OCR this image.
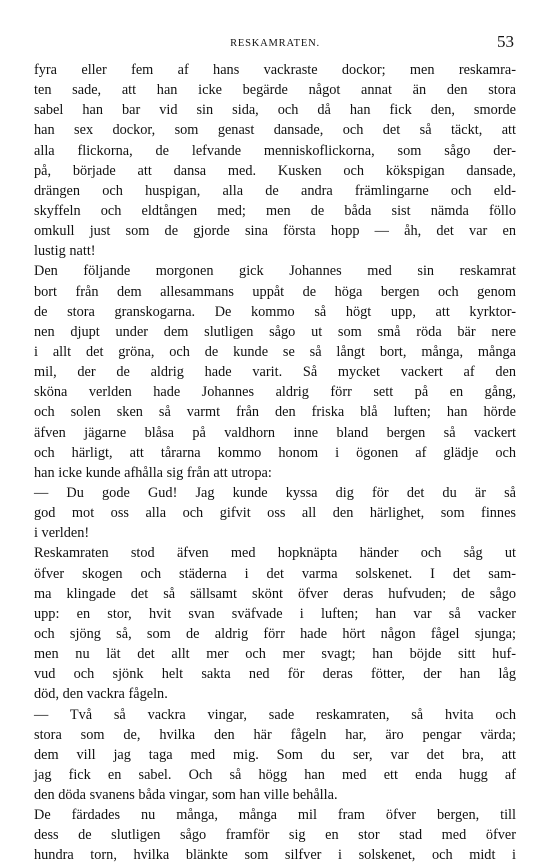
RESKAMRATEN.	53
fyra eller fem af hans vackraste dockor; men reskamra-
ten sade, att han icke begärde något annat än den stora
sabel han bar vid sin sida, och då han fick den, smorde
han sex dockor, som genast dansade, och det så täckt, att
alla flickorna, de lefvande menniskoflickorna, som sågo der-
på, började att dansa med. Kusken och kökspigan dansade,
drängen och huspigan, alla de andra främlingarne och eld-
skyffeln och eldtången med; men de båda sist nämda föllo
omkull just som de gjorde sina första hopp — åh, det var en
lustig natt!
Den följande morgonen gick Johannes med sin reskamrat
bort från dem allesammans uppåt de höga bergen och genom
de stora granskogarna. De kommo så högt upp, att kyrktor-
nen djupt under dem slutligen sågo ut som små röda bär nere
i allt det gröna, och de kunde se så långt bort, många, många
mil, der de aldrig hade varit. Så mycket vackert af den
sköna verlden hade Johannes aldrig förr sett på en gång,
och solen sken så varmt från den friska blå luften; han hörde
äfven jägarne blåsa på valdhorn inne bland bergen så vackert
och härligt, att tårarna kommo honom i ögonen af glädje och
han icke kunde afhålla sig från att utropa:
— Du gode Gud! Jag kunde kyssa dig för det du är så
god mot oss alla och gifvit oss all den härlighet, som finnes
i verlden!
Reskamraten stod äfven med hopknäpta händer och såg ut
öfver skogen och städerna i det varma solskenet. I det sam-
ma klingade det så sällsamt skönt öfver deras hufvuden; de sågo
upp: en stor, hvit svan sväfvade i luften; han var så vacker
och sjöng så, som de aldrig förr hade hört någon fågel sjunga;
men nu lät det allt mer och mer svagt; han böjde sitt huf-
vud och sjönk helt sakta ned för deras fötter, der han låg
död, den vackra fågeln.
— Två så vackra vingar, sade reskamraten, så hvita och
stora som de, hvilka den här fågeln har, äro pengar värda;
dem vill jag taga med mig. Som du ser, var det bra, att
jag fick en sabel. Och så högg han med ett enda hugg af
den döda svanens båda vingar, som han ville behålla.
De färdades nu många, många mil fram öfver bergen, till
dess de slutligen sågo framför sig en stor stad med öfver
hundra torn, hvilka blänkte som silfver i solskenet, och midt i
